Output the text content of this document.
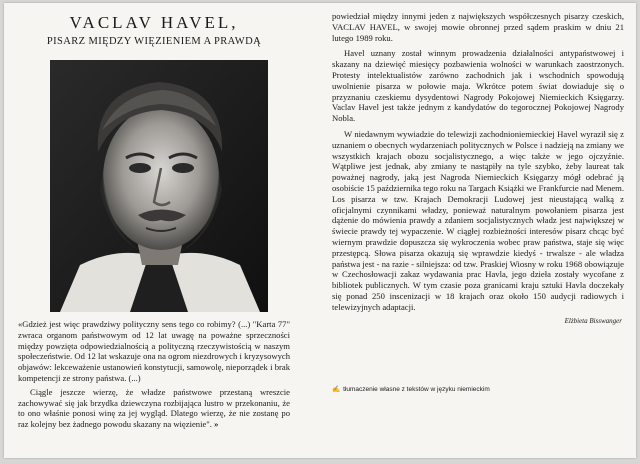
VACLAV HAVEL,
PISARZ MIĘDZY WIĘZIENIEM A PRAWDĄ

«Gdzież jest więc prawdziwy polityczny sens tego co robimy? (...) "Karta 77" zwraca organom państwowym od 12 lat uwagę na poważne sprzeczności między powzięta odpowiedzialnością a polityczną rzeczywistością w naszym społeczeństwie. Od 12 lat wskazuje ona na ogrom niezdrowych i kryzysowych objawów: lekceważenie ustanowień konstytucji, samowolę, nieporządek i brak kompetencji ze strony państwa. (...)

Ciągle jeszcze wierzę, że władze państwowe przestaną wreszcie zachowywać się jak brzydka dziewczyna rozbijająca lustro w przekonaniu, że to ono właśnie ponosi winę za jej wygląd. Dlatego wierzę, że nie zostanę po raz kolejny bez żadnego powodu skazany na więzienie". »

powiedział między innymi jeden z największych współczesnych pisarzy czeskich, VACLAV HAVEL, w swojej mowie obronnej przed sądem praskim w dniu 21 lutego 1989 roku.

Havel uznany został winnym prowadzenia działalności antypaństwowej i skazany na dziewięć miesięcy pozbawienia wolności w warunkach zaostrzonych. Protesty intelektualistów zarówno zachodnich jak i wschodnich spowodują uwolnienie pisarza w połowie maja. Wkrótce potem świat dowiaduje się o przyznaniu czeskiemu dysydentowi Nagrody Pokojowej Niemieckich Księgarzy. Vaclav Havel jest także jednym z kandydatów do tegorocznej Pokojowej Nagrody Nobla.

W niedawnym wywiadzie do telewizji zachodnioniemieckiej Havel wyraził się z uznaniem o obecnych wydarzeniach politycznych w Polsce i nadzieją na zmiany we wszystkich krajach obozu socjalistycznego, a więc także w jego ojczyźnie. Wątpliwe jest jednak, aby zmiany te nastąpiły na tyle szybko, żeby laureat tak poważnej nagrody, jaką jest Nagroda Niemieckich Księgarzy mógł odebrać ją osobiście 15 października tego roku na Targach Książki we Frankfurcie nad Menem. Los pisarza w tzw. Krajach Demokracji Ludowej jest nieustającą walką z oficjalnymi czynnikami władzy, ponieważ naturalnym powołaniem pisarza jest dążenie do mówienia prawdy a zdaniem socjalistycznych władz jest największej w świecie prawdy tej wypaczenie. W ciągłej rozbieżności interesów pisarz chcąc być wiernym prawdzie dopuszcza się wykroczenia wobec praw państwa, staje się więc przestępcą. Słowa pisarza okazują się wprawdzie kiedyś - trwalsze - ale władza państwa jest - na razie - silniejsza: od tzw. Praskiej Wiosny w roku 1968 obowiązuje w Czechosłowacji zakaz wydawania prac Havla, jego dzieła zostały wycofane z bibliotek publicznych. W tym czasie poza granicami kraju sztuki Havla doczekały się ponad 250 inscenizacji w 18 krajach oraz około 150 audycji radiowych i telewizyjnych adaptacji.

Elżbieta Bisswanger
✍ tłumaczenie własne z tekstów w języku niemieckim
